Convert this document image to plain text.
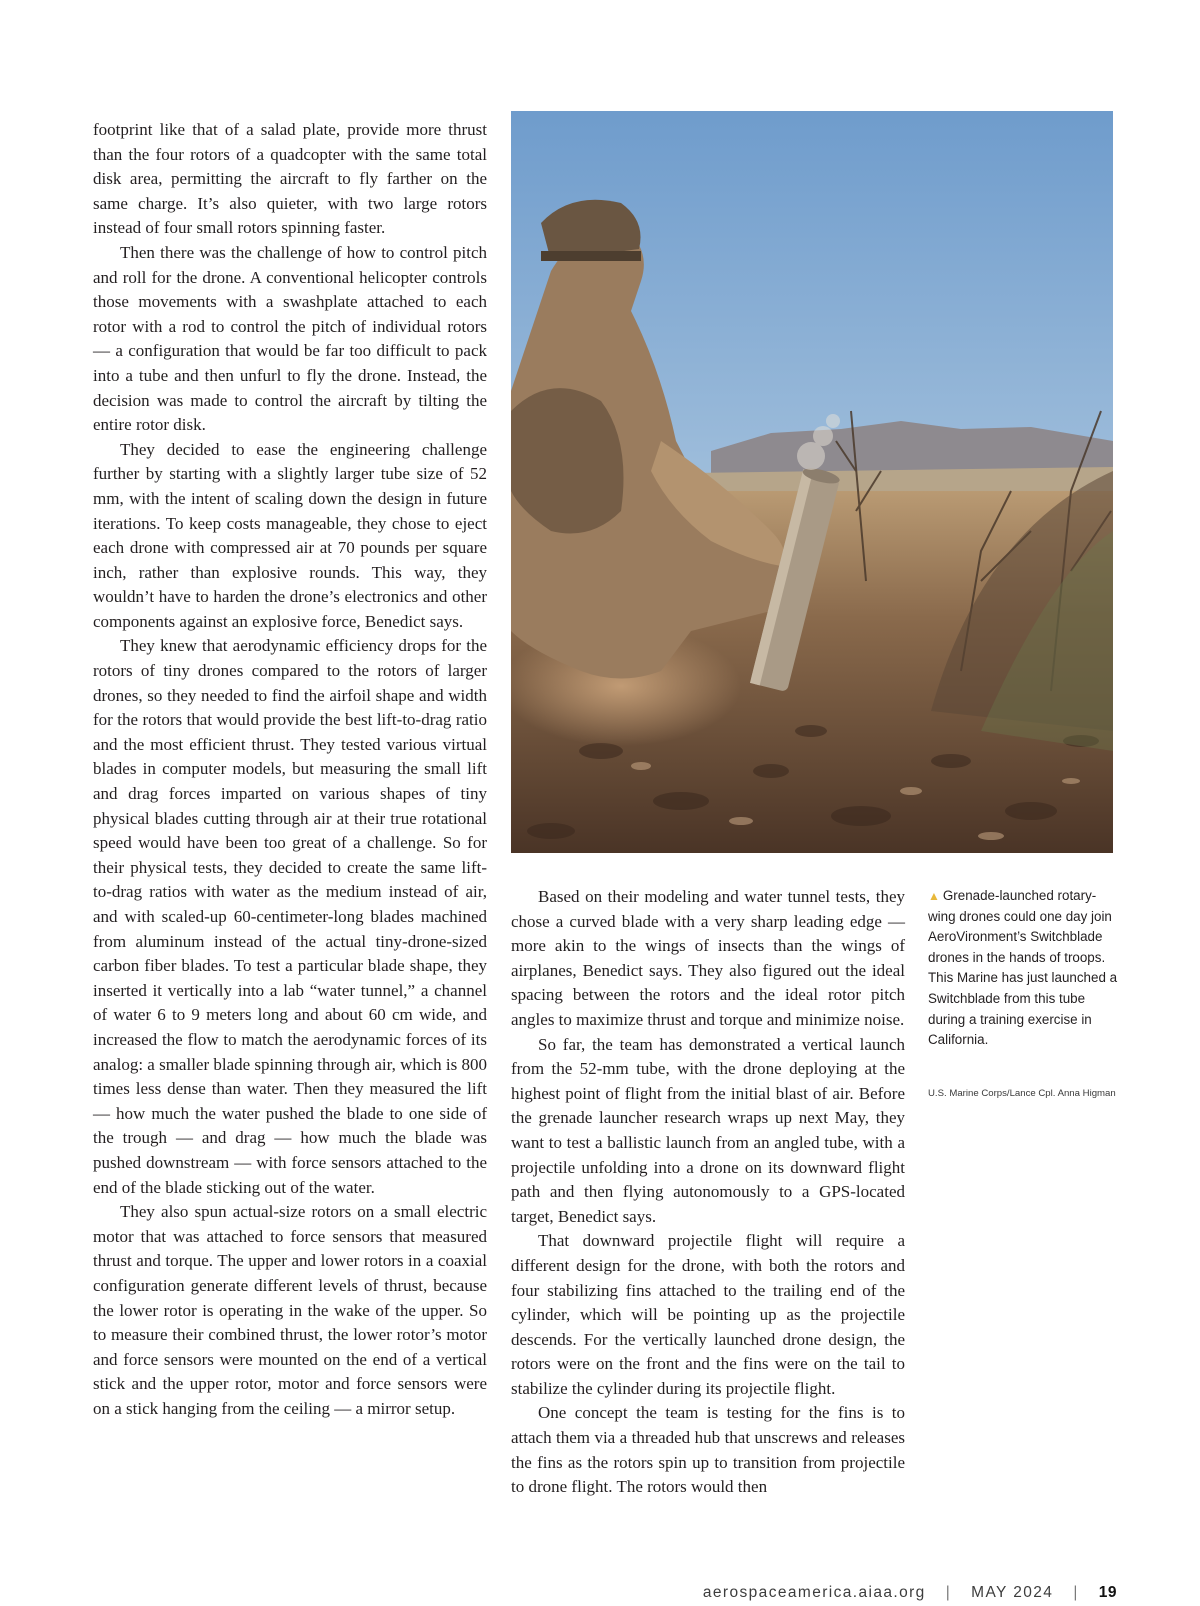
footprint like that of a salad plate, provide more thrust than the four rotors of a quadcopter with the same total disk area, permitting the aircraft to fly farther on the same charge. It’s also quieter, with two large rotors instead of four small rotors spinning faster.

Then there was the challenge of how to control pitch and roll for the drone. A conventional helicopter controls those movements with a swashplate attached to each rotor with a rod to control the pitch of individual rotors — a configuration that would be far too difficult to pack into a tube and then unfurl to fly the drone. Instead, the decision was made to control the aircraft by tilting the entire rotor disk.

They decided to ease the engineering challenge further by starting with a slightly larger tube size of 52 mm, with the intent of scaling down the design in future iterations. To keep costs manageable, they chose to eject each drone with compressed air at 70 pounds per square inch, rather than explosive rounds. This way, they wouldn’t have to harden the drone’s electronics and other components against an explosive force, Benedict says.

They knew that aerodynamic efficiency drops for the rotors of tiny drones compared to the rotors of larger drones, so they needed to find the airfoil shape and width for the rotors that would provide the best lift-to-drag ratio and the most efficient thrust. They tested various virtual blades in computer models, but measuring the small lift and drag forces imparted on various shapes of tiny physical blades cutting through air at their true rotational speed would have been too great of a challenge. So for their physical tests, they decided to create the same lift-to-drag ratios with water as the medium instead of air, and with scaled-up 60-centimeter-long blades machined from aluminum instead of the actual tiny-drone-sized carbon fiber blades. To test a particular blade shape, they inserted it vertically into a lab “water tunnel,” a channel of water 6 to 9 meters long and about 60 cm wide, and increased the flow to match the aerodynamic forces of its analog: a smaller blade spinning through air, which is 800 times less dense than water. Then they measured the lift — how much the water pushed the blade to one side of the trough — and drag — how much the blade was pushed downstream — with force sensors attached to the end of the blade sticking out of the water.

They also spun actual-size rotors on a small electric motor that was attached to force sensors that measured thrust and torque. The upper and lower rotors in a coaxial configuration generate different levels of thrust, because the lower rotor is operating in the wake of the upper. So to measure their combined thrust, the lower rotor’s motor and force sensors were mounted on the end of a vertical stick and the upper rotor, motor and force sensors were on a stick hanging from the ceiling — a mirror setup.

Based on their modeling and water tunnel tests, they chose a curved blade with a very sharp leading edge — more akin to the wings of insects than the wings of airplanes, Benedict says. They also figured out the ideal spacing between the rotors and the ideal rotor pitch angles to maximize thrust and torque and minimize noise.

So far, the team has demonstrated a vertical launch from the 52-mm tube, with the drone deploying at the highest point of flight from the initial blast of air. Before the grenade launcher research wraps up next May, they want to test a ballistic launch from an angled tube, with a projectile unfolding into a drone on its downward flight path and then flying autonomously to a GPS-located target, Benedict says.

That downward projectile flight will require a different design for the drone, with both the rotors and four stabilizing fins attached to the trailing end of the cylinder, which will be pointing up as the projectile descends. For the vertically launched drone design, the rotors were on the front and the fins were on the tail to stabilize the cylinder during its projectile flight.

One concept the team is testing for the fins is to attach them via a threaded hub that unscrews and releases the fins as the rotors spin up to transition from projectile to drone flight. The rotors would then

▲ Grenade-launched rotary-wing drones could one day join AeroVironment’s Switchblade drones in the hands of troops. This Marine has just launched a Switchblade from this tube during a training exercise in California.
U.S. Marine Corps/Lance Cpl. Anna Higman
aerospaceamerica.aiaa.org | MAY 2024 | 19
